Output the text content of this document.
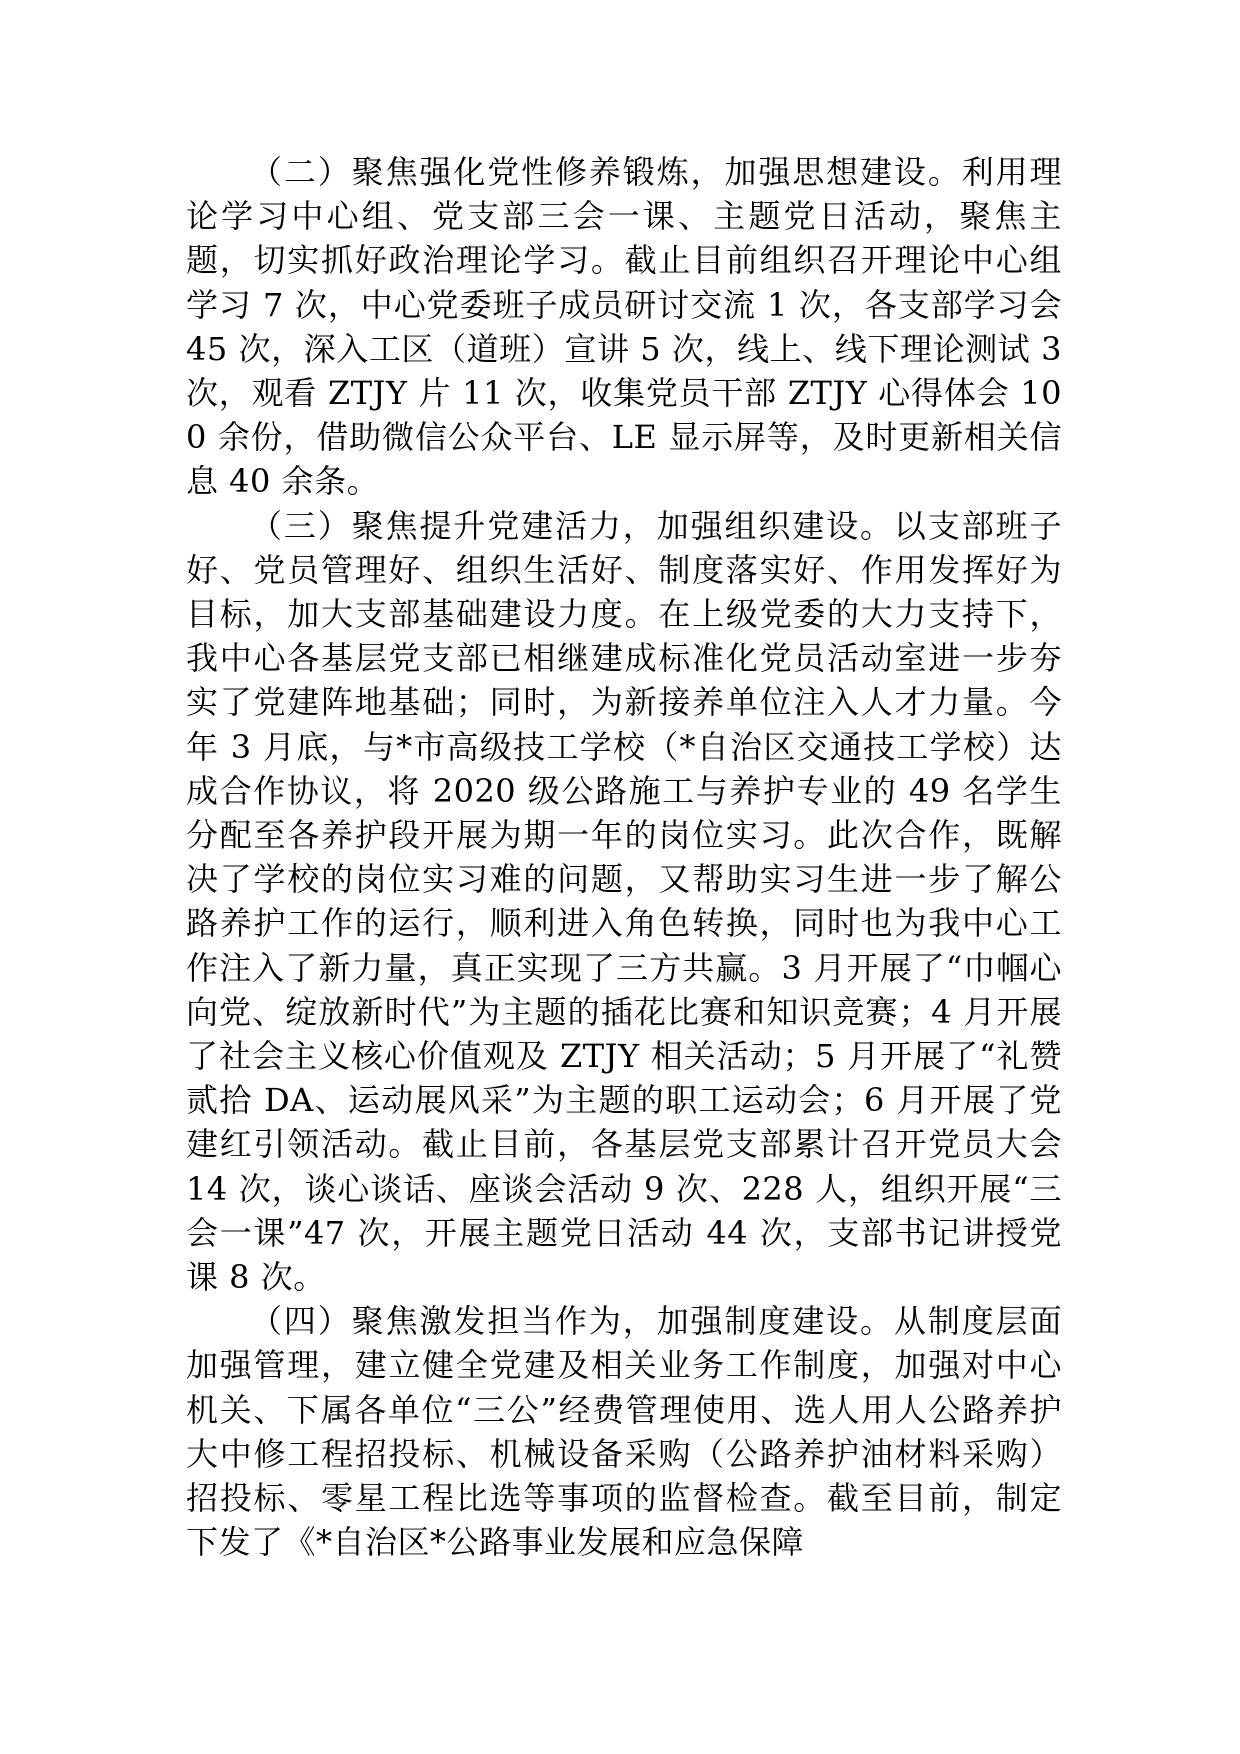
（二）聚焦强化党性修养锻炼，加强思想建设。利用理论学习中心组、党支部三会一课、主题党日活动，聚焦主题，切实抓好政治理论学习。截止目前组织召开理论中心组学习 7 次，中心党委班子成员研讨交流 1 次，各支部学习会 45 次，深入工区（道班）宣讲 5 次，线上、线下理论测试 3 次，观看 ZTJY 片 11 次，收集党员干部 ZTJY 心得体会 100 余份，借助微信公众平台、LE 显示屏等，及时更新相关信息 40 余条。

（三）聚焦提升党建活力，加强组织建设。以支部班子好、党员管理好、组织生活好、制度落实好、作用发挥好为目标，加大支部基础建设力度。在上级党委的大力支持下，我中心各基层党支部已相继建成标准化党员活动室进一步夯实了党建阵地基础；同时，为新接养单位注入人才力量。今年 3 月底，与*市高级技工学校（*自治区交通技工学校）达成合作协议，将 2020 级公路施工与养护专业的 49 名学生分配至各养护段开展为期一年的岗位实习。此次合作，既解决了学校的岗位实习难的问题，又帮助实习生进一步了解公路养护工作的运行，顺利进入角色转换，同时也为我中心工作注入了新力量，真正实现了三方共赢。3 月开展了“巾帼心向党、绽放新时代”为主题的插花比赛和知识竞赛；4 月开展了社会主义核心价值观及 ZTJY 相关活动；5 月开展了“礼赞贰拾 DA、运动展风采”为主题的职工运动会；6 月开展了党建红引领活动。截止目前，各基层党支部累计召开党员大会 14 次，谈心谈话、座谈会活动 9 次、228 人，组织开展“三会一课”47 次，开展主题党日活动 44 次，支部书记讲授党课 8 次。

（四）聚焦激发担当作为，加强制度建设。从制度层面加强管理，建立健全党建及相关业务工作制度，加强对中心机关、下属各单位“三公”经费管理使用、选人用人公路养护大中修工程招投标、机械设备采购（公路养护油材料采购）招投标、零星工程比选等事项的监督检查。截至目前，制定下发了《*自治区*公路事业发展和应急保障
